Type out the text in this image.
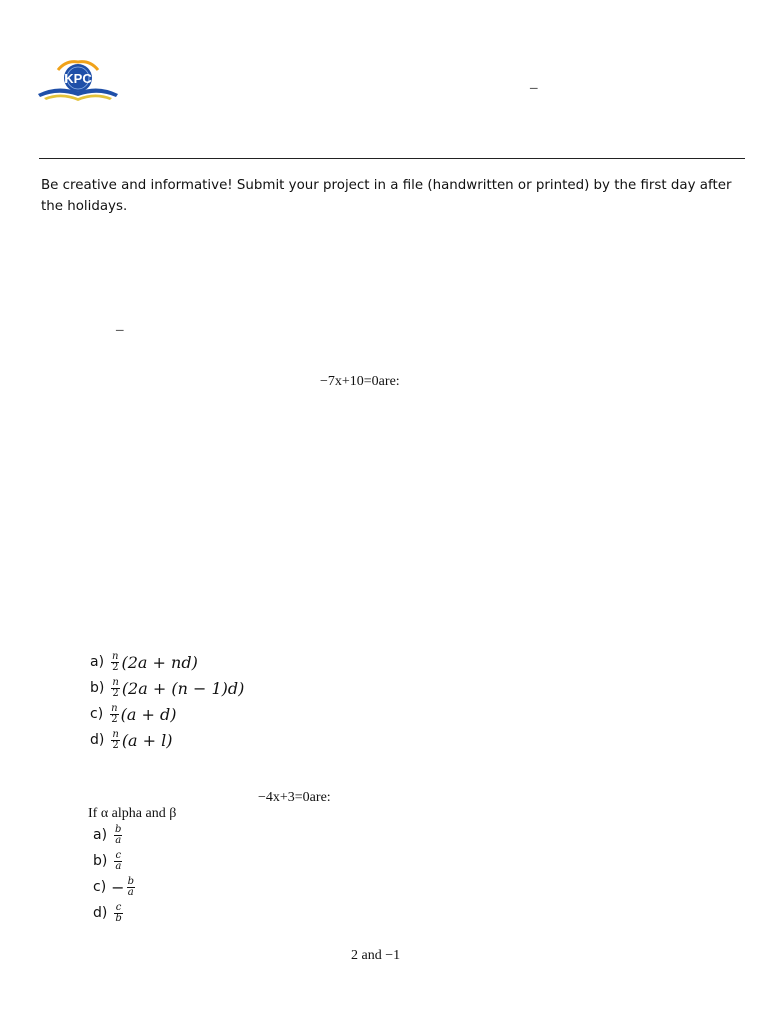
KPC
–
Be creative and informative! Submit your project in a file (handwritten or printed) by the first day after the holidays.
–
−7x+10=0are:
$a) \frac{n}{2} (2a + nd)$
$b) \frac{n}{2} (2a + (n - 1)d)$
$c) \frac{n}{2} (a + d)$
$d) \frac{n}{2} (a + l)$
−4x+3=0are:
If α alpha and β
$a) \frac{b}{a}$
$b) \frac{c}{a}$
$c) - \frac{b}{a}$
$d) \frac{c}{b}$
2 and −1
